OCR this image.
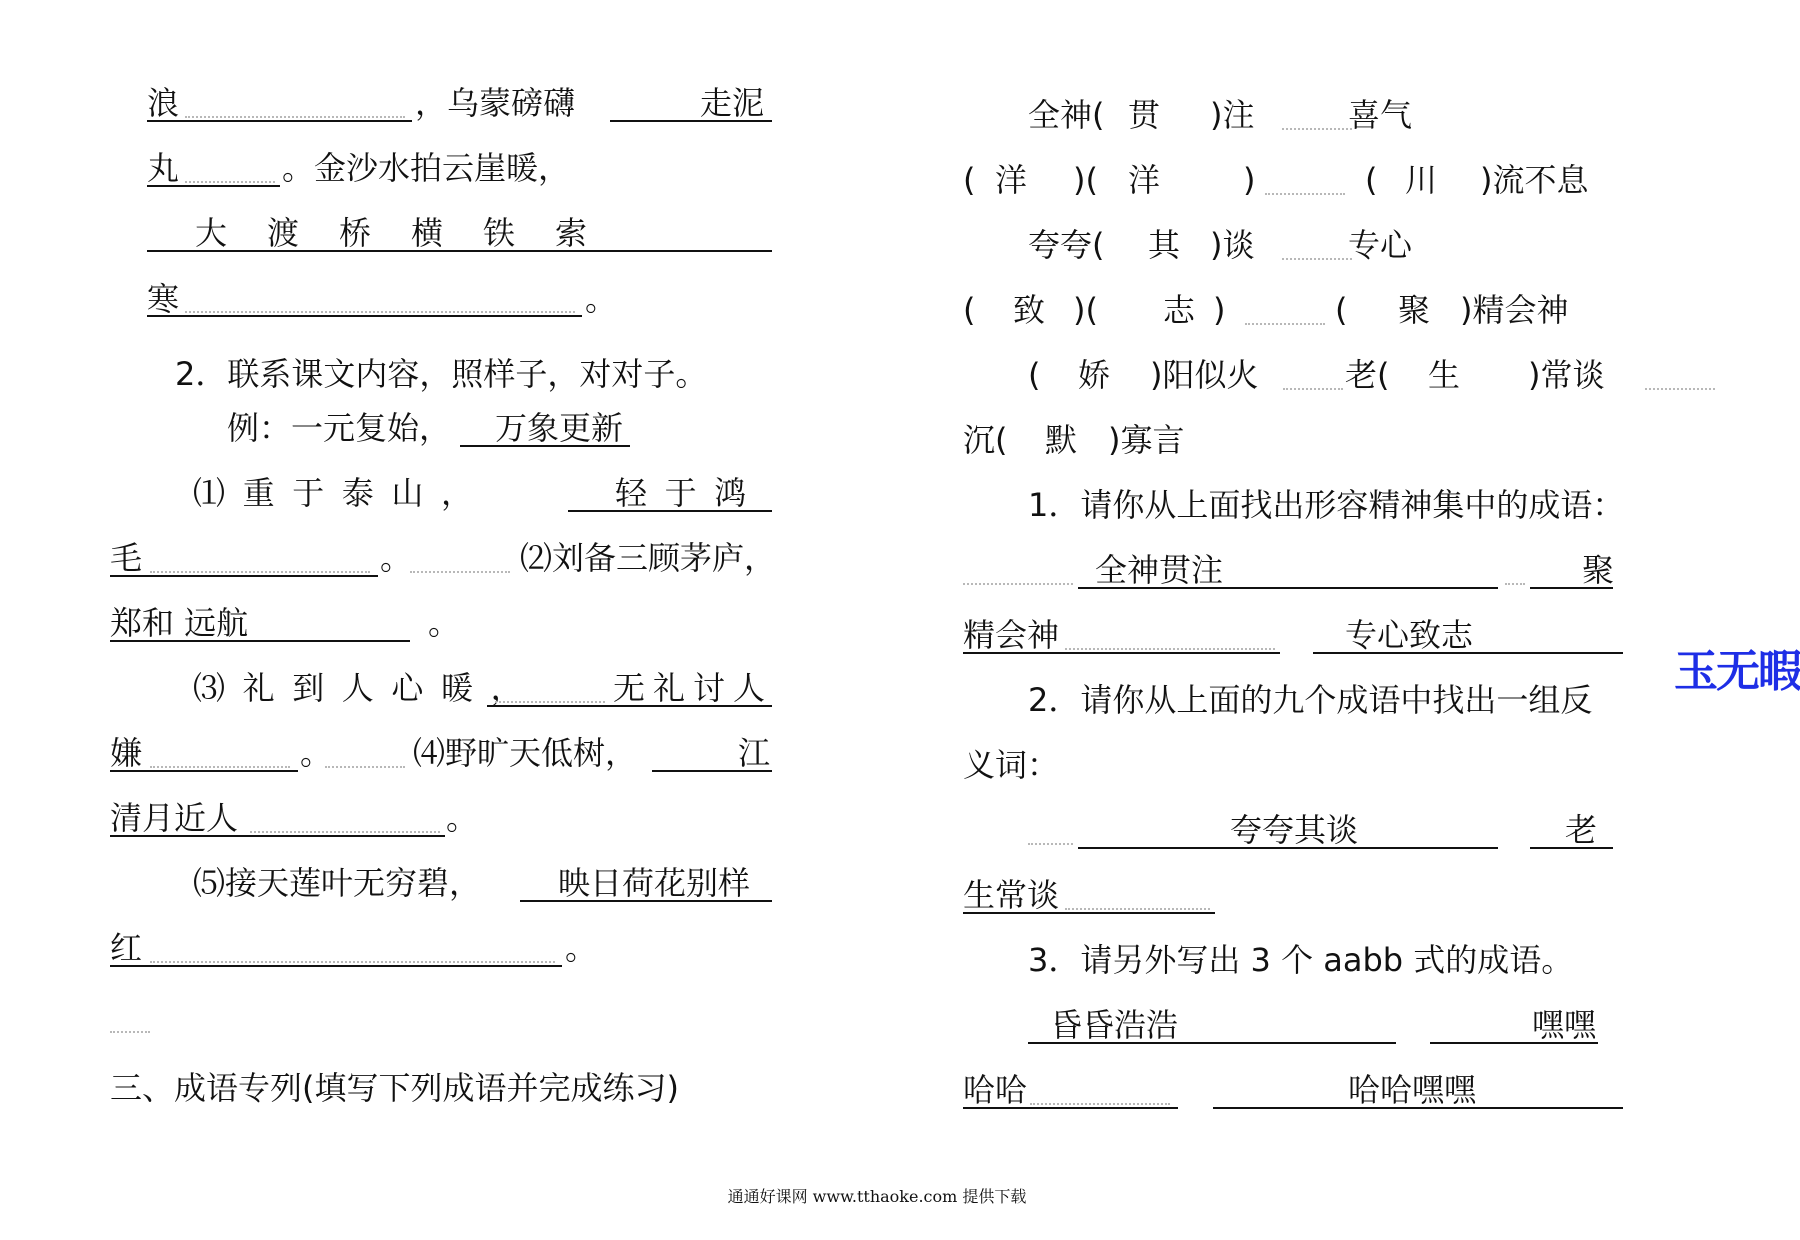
浪	，乌蒙磅礴	走泥
丸	。金沙水拍云崖暖，
大渡桥横铁索
寒	。
2．联系课文内容，照样子，对对子。
例：一元复始， 万象更新
⑴重于泰山，	轻于鸿
毛	。	⑵刘备三顾茅庐，
郑和 远航	。
⑶礼到人心暖， 无礼讨人
嫌	。	⑷野旷天低树，	江
清月近人	。
⑸接天莲叶无穷碧， 映日荷花别样
红	。
三、成语专列(填写下列成语并完成练习)
全神( 贯 )注	喜气
( 洋 )( 洋	)	( 川 )流不息
夸夸( 其 )谈	专心
( 致 )( 志 )	( 聚 )精会神
( 娇 )阳似火	老( 生 )常谈
沉( 默 )寡言
1．请你从上面找出形容精神集中的成语：
全神贯注	聚
精会神	专心致志
玉无暇
2．请你从上面的九个成语中找出一组反
义词：
夸夸其谈	老
生常谈
3．请另外写出 3 个 aabb 式的成语。
昏昏浩浩	嘿嘿
哈哈	哈哈嘿嘿
通通好课网 www.tthaoke.com 提供下载
